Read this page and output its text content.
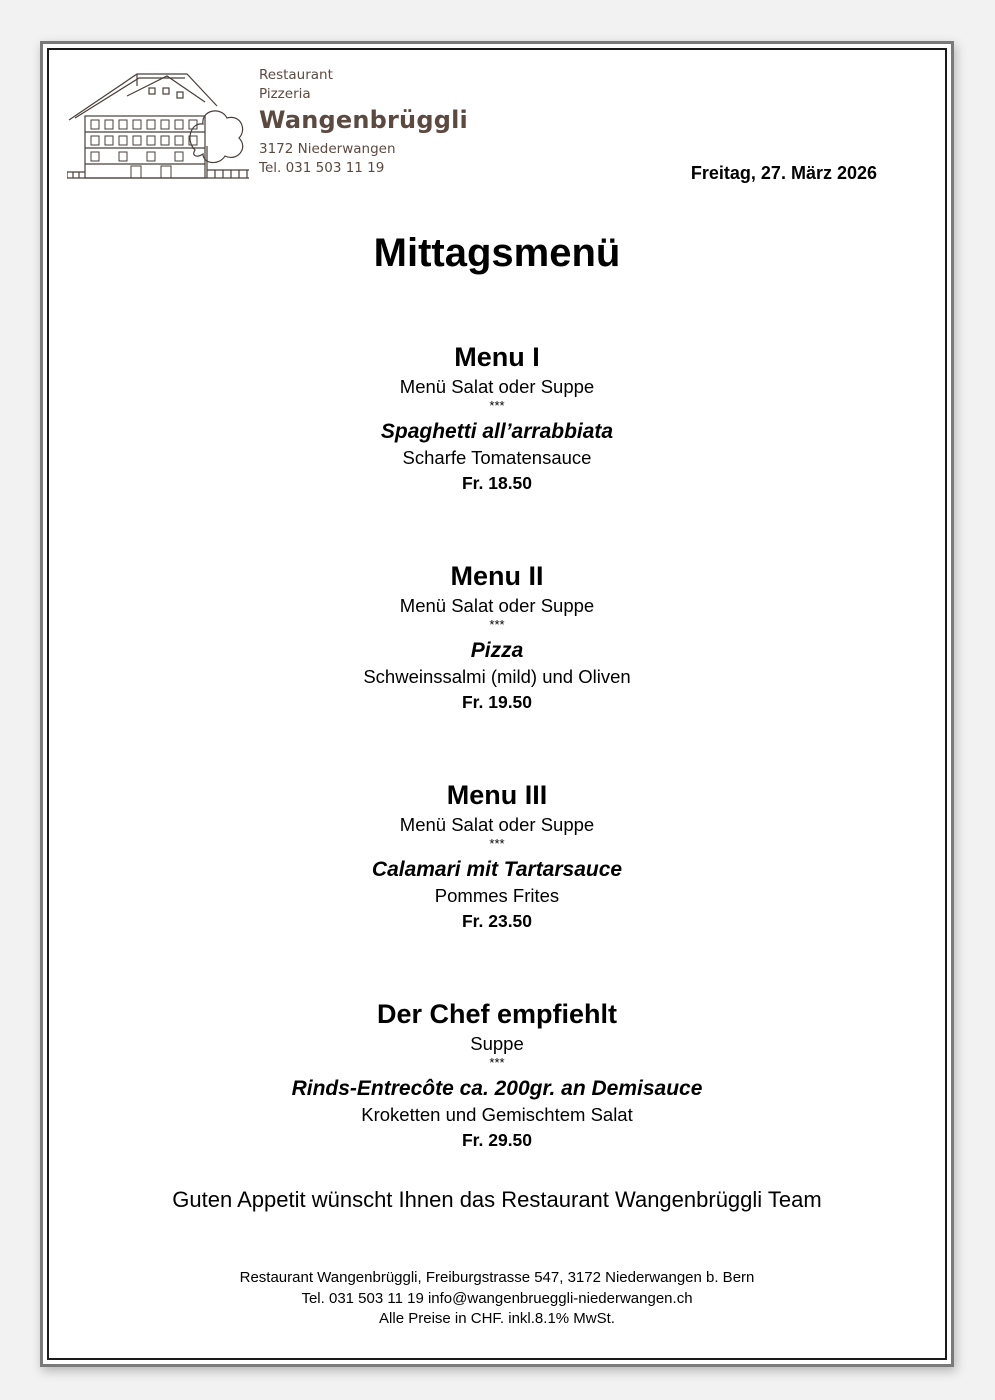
Restaurant
Pizzeria
Wangenbrüggli
3172 Niederwangen
Tel. 031 503 11 19	Freitag, 27. März 2026
Mittagsmenü
Menu I
Menü Salat oder Suppe
***
Spaghetti all’arrabbiata
Scharfe Tomatensauce
Fr. 18.50
Menu II
Menü Salat oder Suppe
***
Pizza
Schweinssalmi (mild) und Oliven
Fr. 19.50
Menu III
Menü Salat oder Suppe
***
Calamari mit Tartarsauce
Pommes Frites
Fr. 23.50
Der Chef empfiehlt
Suppe
***
Rinds-Entrecôte ca. 200gr. an Demisauce
Kroketten und Gemischtem Salat
Fr. 29.50
Guten Appetit wünscht Ihnen das Restaurant Wangenbrüggli Team
Restaurant Wangenbrüggli, Freiburgstrasse 547, 3172 Niederwangen b. Bern
Tel. 031 503 11 19 info@wangenbrueggli-niederwangen.ch
Alle Preise in CHF. inkl.8.1% MwSt.
